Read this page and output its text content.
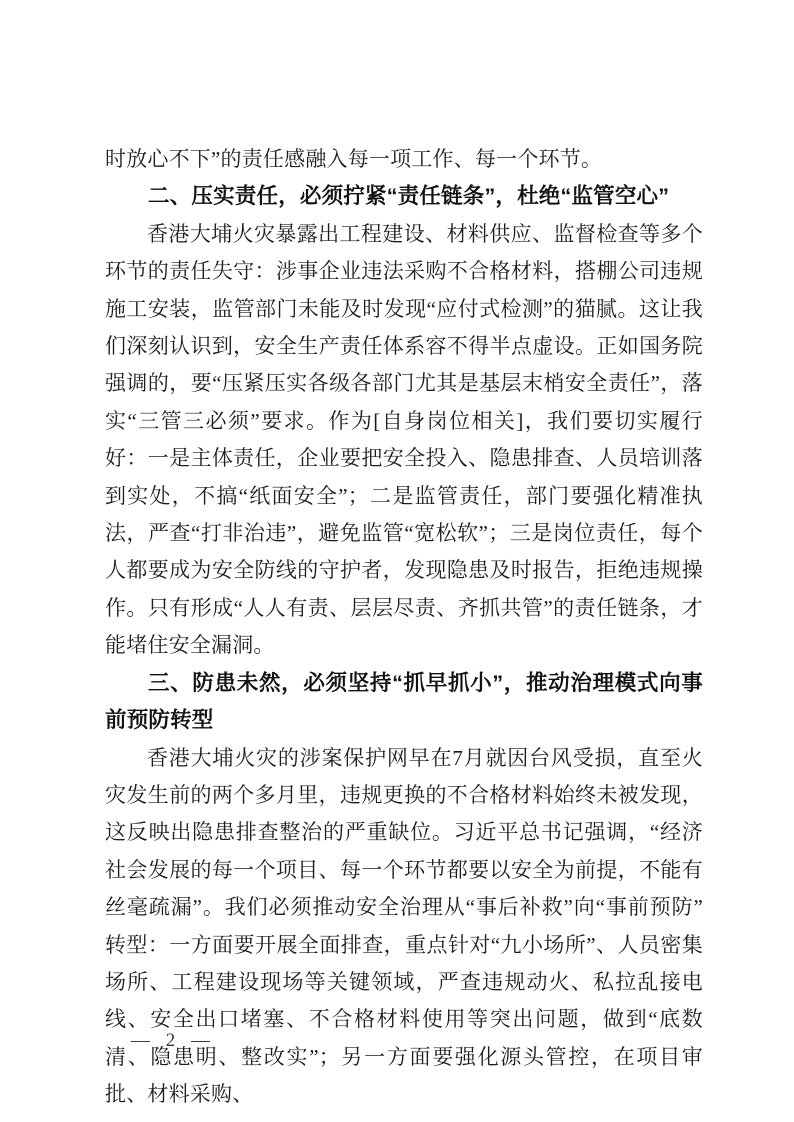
时放心不下”的责任感融入每一项工作、每一个环节。

二、压实责任，必须拧紧“责任链条”，杜绝“监管空心”

香港大埔火灾暴露出工程建设、材料供应、监督检查等多个环节的责任失守：涉事企业违法采购不合格材料，搭棚公司违规施工安装，监管部门未能及时发现“应付式检测”的猫腻。这让我们深刻认识到，安全生产责任体系容不得半点虚设。正如国务院强调的，要“压紧压实各级各部门尤其是基层末梢安全责任”，落实“三管三必须”要求。作为[自身岗位相关]，我们要切实履行好：一是主体责任，企业要把安全投入、隐患排查、人员培训落到实处，不搞“纸面安全”；二是监管责任，部门要强化精准执法，严查“打非治违”，避免监管“宽松软”；三是岗位责任，每个人都要成为安全防线的守护者，发现隐患及时报告，拒绝违规操作。只有形成“人人有责、层层尽责、齐抓共管”的责任链条，才能堵住安全漏洞。

三、防患未然，必须坚持“抓早抓小”，推动治理模式向事前预防转型

香港大埔火灾的涉案保护网早在7月就因台风受损，直至火灾发生前的两个多月里，违规更换的不合格材料始终未被发现，这反映出隐患排查整治的严重缺位。习近平总书记强调，“经济社会发展的每一个项目、每一个环节都要以安全为前提，不能有丝毫疏漏”。我们必须推动安全治理从“事后补救”向“事前预防”转型：一方面要开展全面排查，重点针对“九小场所”、人员密集场所、工程建设现场等关键领域，严查违规动火、私拉乱接电线、安全出口堵塞、不合格材料使用等突出问题，做到“底数清、隐患明、整改实”；另一方面要强化源头管控，在项目审批、材料采购、

— 2 —
